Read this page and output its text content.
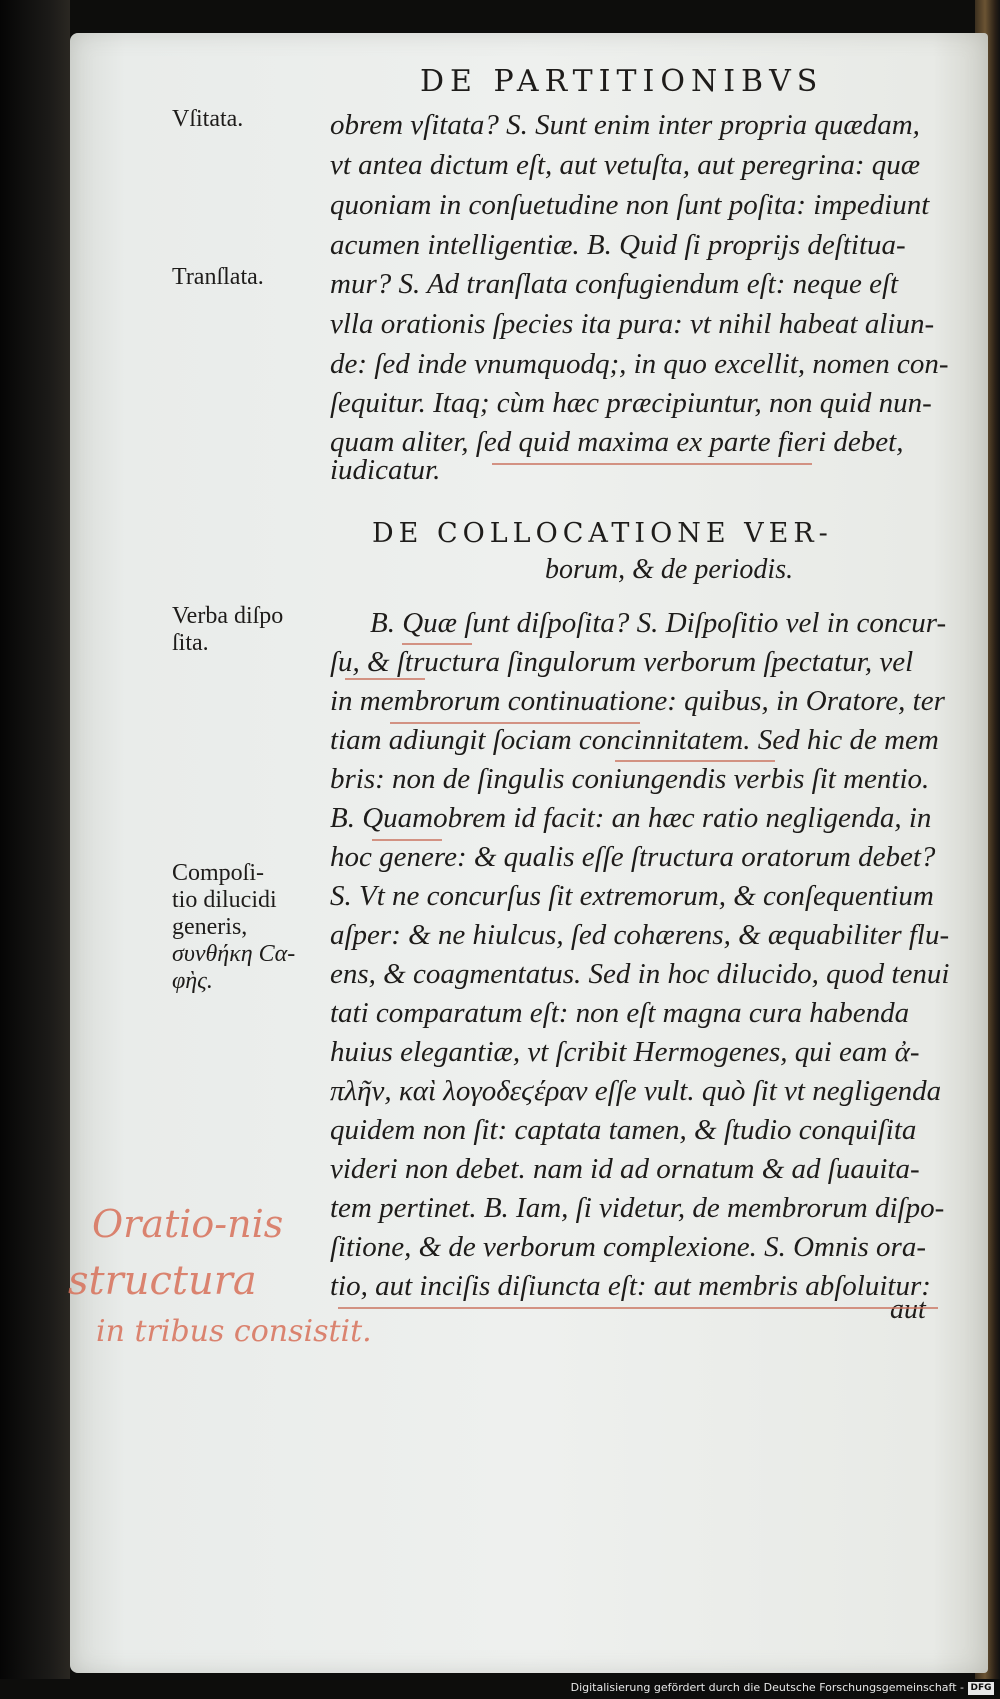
DE PARTITIONIBVS
Vſitata.
Tranſlata.
Verba diſpo
ſita.
Compoſi-
tio dilucidi
generis,
συνθήκη Ϲα-
φὴς.
obrem vſitata? S. Sunt enim inter propria quædam,
vt antea dictum eſt, aut vetuſta, aut peregrina: quæ
quoniam in conſuetudine non ſunt poſita: impediunt
acumen intelligentiæ. B. Quid ſi proprijs deſtitua-
mur? S. Ad tranſlata confugiendum eſt: neque eſt
vlla orationis ſpecies ita pura: vt nihil habeat aliun-
de: ſed inde vnumquodq;, in quo excellit, nomen con-
ſequitur. Itaq; cùm hæc præcipiuntur, non quid nun-
quam aliter, ſed quid maxima ex parte fieri debet,
iudicatur.
DE COLLOCATIONE VER-
borum, & de periodis.
B. Quæ ſunt diſpoſita? S. Diſpoſitio vel in concur-
ſu, & ſtructura ſingulorum verborum ſpectatur, vel
in membrorum continuatione: quibus, in Oratore, ter
tiam adiungit ſociam concinnitatem. Sed hic de mem
bris: non de ſingulis coniungendis verbis ſit mentio.
B. Quamobrem id facit: an hæc ratio negligenda, in
hoc genere: & qualis eſſe ſtructura oratorum debet?
S. Vt ne concurſus ſit extremorum, & conſequentium
aſper: & ne hiulcus, ſed cohærens, & æquabiliter flu-
ens, & coagmentatus. Sed in hoc dilucido, quod tenui
tati comparatum eſt: non eſt magna cura habenda
huius elegantiæ, vt ſcribit Hermogenes, qui eam ἀ-
πλῆν, καὶ λογοδεϛέραν eſſe vult. quò ſit vt negligenda
quidem non ſit: captata tamen, & ſtudio conquiſita
videri non debet. nam id ad ornatum & ad ſuauita-
tem pertinet. B. Iam, ſi videtur, de membrorum diſpo-
ſitione, & de verborum complexione. S. Omnis ora-
tio, aut inciſis diſiuncta eſt: aut membris abſoluitur:
aut
Oratio-nis
structura
in tribus consistit.
Digitalisierung gefördert durch die Deutsche Forschungsgemeinschaft - DFG
